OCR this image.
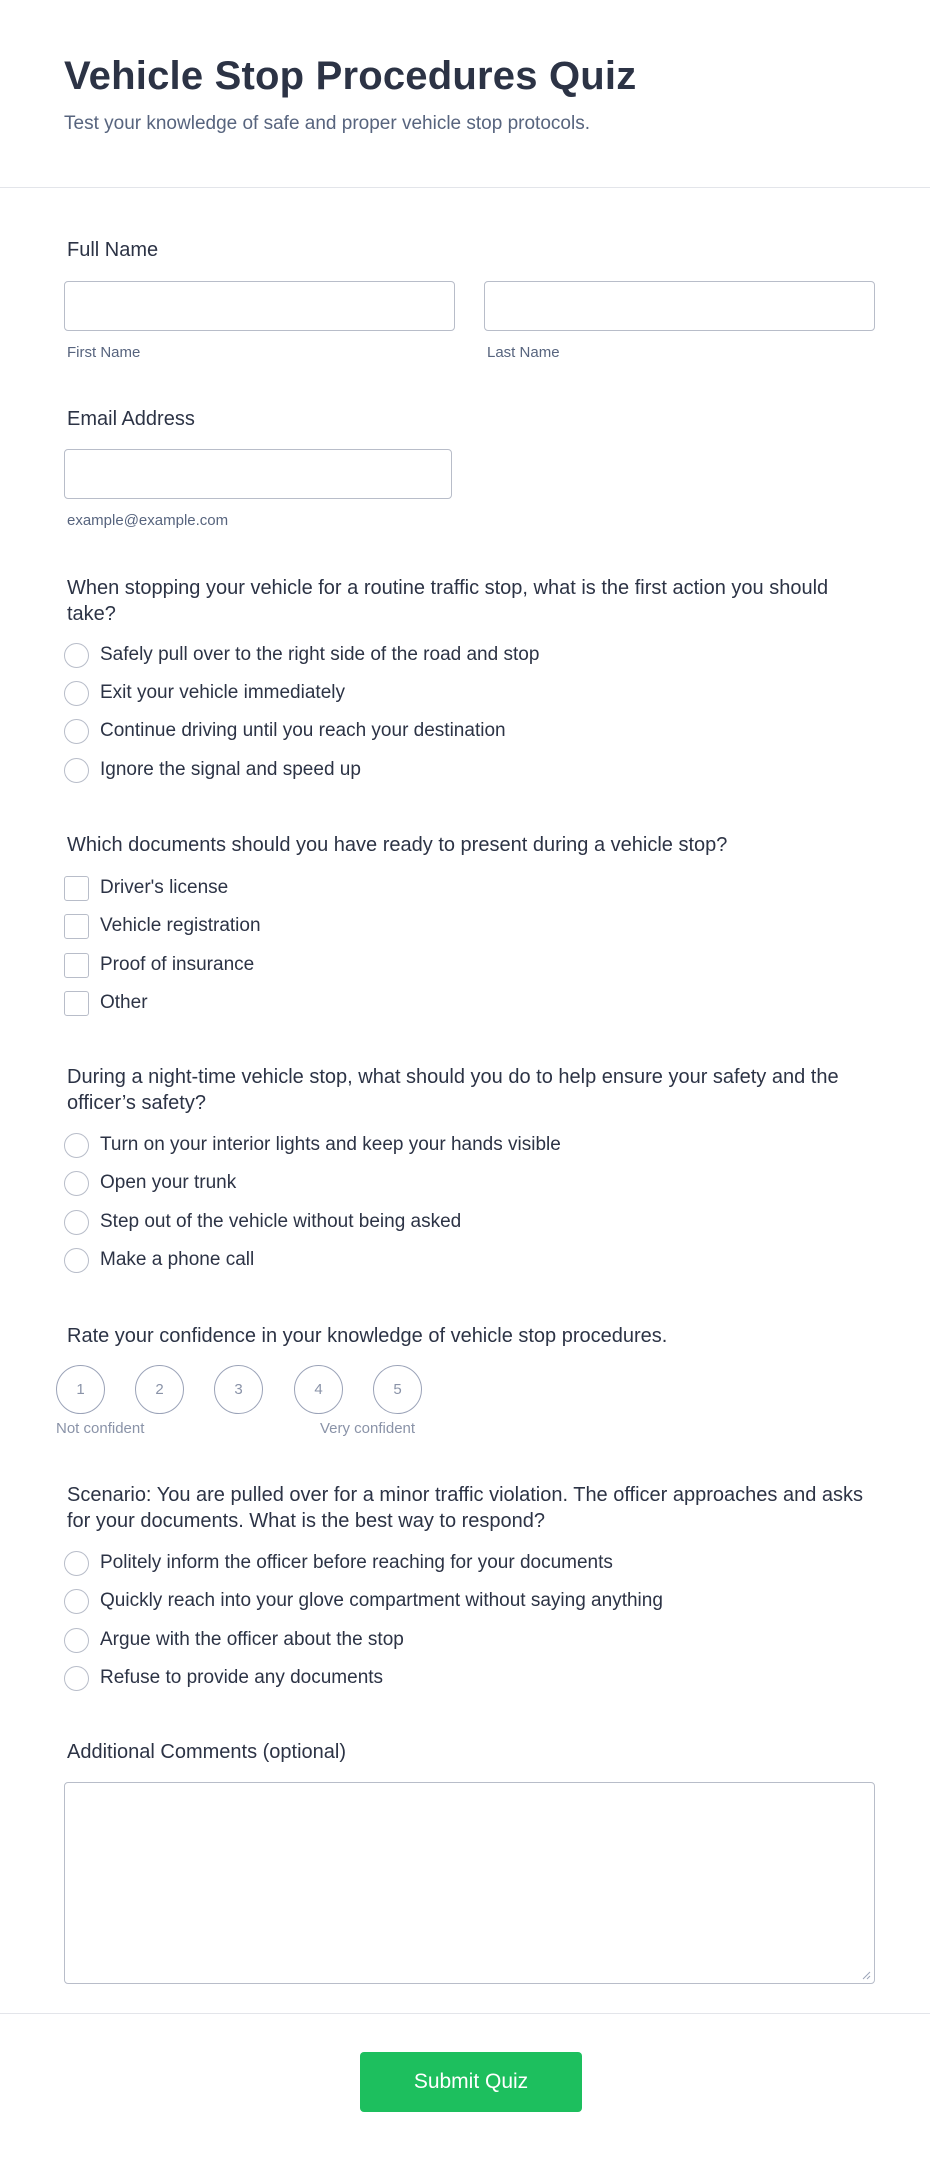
Vehicle Stop Procedures Quiz

Test your knowledge of safe and proper vehicle stop protocols.

Full Name
First Name	Last Name
Email Address
example@example.com
When stopping your vehicle for a routine traffic stop, what is the first action you should take?
Safely pull over to the right side of the road and stop
Exit your vehicle immediately
Continue driving until you reach your destination
Ignore the signal and speed up
Which documents should you have ready to present during a vehicle stop?
Driver's license
Vehicle registration
Proof of insurance
Other
During a night-time vehicle stop, what should you do to help ensure your safety and the officer’s safety?
Turn on your interior lights and keep your hands visible
Open your trunk
Step out of the vehicle without being asked
Make a phone call
Rate your confidence in your knowledge of vehicle stop procedures.
1	2	3	4	5
Not confident	Very confident
Scenario: You are pulled over for a minor traffic violation. The officer approaches and asks for your documents. What is the best way to respond?
Politely inform the officer before reaching for your documents
Quickly reach into your glove compartment without saying anything
Argue with the officer about the stop
Refuse to provide any documents
Additional Comments (optional)
Submit Quiz
